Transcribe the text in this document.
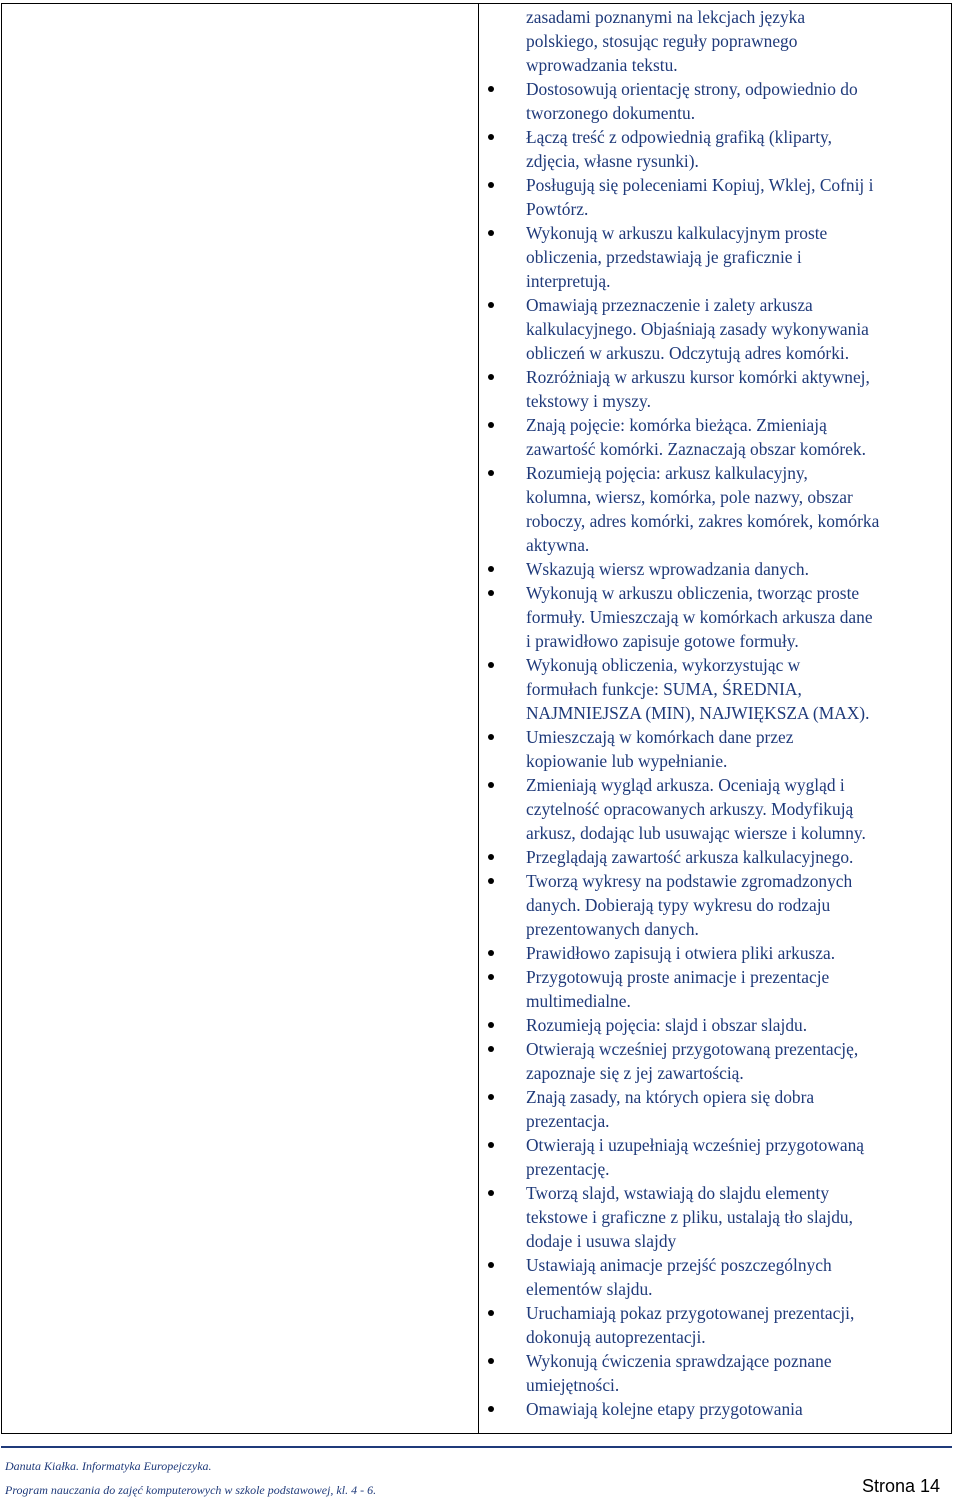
zasadami poznanymi na lekcjach języka
polskiego, stosując reguły poprawnego
wprowadzania tekstu.
Dostosowują orientację strony, odpowiednio do
tworzonego dokumentu.
Łączą treść z odpowiednią grafiką (kliparty,
zdjęcia, własne rysunki).
Posługują się poleceniami Kopiuj, Wklej, Cofnij i
Powtórz.
Wykonują w arkuszu kalkulacyjnym proste
obliczenia, przedstawiają je graficznie i
interpretują.
Omawiają przeznaczenie i zalety arkusza
kalkulacyjnego. Objaśniają zasady wykonywania
obliczeń w arkuszu. Odczytują adres komórki.
Rozróżniają w arkuszu kursor komórki aktywnej,
tekstowy i myszy.
Znają pojęcie: komórka bieżąca. Zmieniają
zawartość komórki. Zaznaczają obszar komórek.
Rozumieją pojęcia: arkusz kalkulacyjny,
kolumna, wiersz, komórka, pole nazwy, obszar
roboczy, adres komórki, zakres komórek, komórka
aktywna.
Wskazują wiersz wprowadzania danych.
Wykonują w arkuszu obliczenia, tworząc proste
formuły. Umieszczają w komórkach arkusza dane
i prawidłowo zapisuje gotowe formuły.
Wykonują obliczenia, wykorzystując w
formułach funkcje: SUMA, ŚREDNIA,
NAJMNIEJSZA (MIN), NAJWIĘKSZA (MAX).
Umieszczają w komórkach dane przez
kopiowanie lub wypełnianie.
Zmieniają wygląd arkusza. Oceniają wygląd i
czytelność opracowanych arkuszy. Modyfikują
arkusz, dodając lub usuwając wiersze i kolumny.
Przeglądają zawartość arkusza kalkulacyjnego.
Tworzą wykresy na podstawie zgromadzonych
danych. Dobierają typy wykresu do rodzaju
prezentowanych danych.
Prawidłowo zapisują i otwiera pliki arkusza.
Przygotowują proste animacje i prezentacje
multimedialne.
Rozumieją pojęcia: slajd i obszar slajdu.
Otwierają wcześniej przygotowaną prezentację,
zapoznaje się z jej zawartością.
Znają zasady, na których opiera się dobra
prezentacja.
Otwierają i uzupełniają wcześniej przygotowaną
prezentację.
Tworzą slajd, wstawiają do slajdu elementy
tekstowe i graficzne z pliku, ustalają tło slajdu,
dodaje i usuwa slajdy
Ustawiają animacje przejść poszczególnych
elementów slajdu.
Uruchamiają pokaz przygotowanej prezentacji,
dokonują autoprezentacji.
Wykonują ćwiczenia sprawdzające poznane
umiejętności.
Omawiają kolejne etapy przygotowania
Danuta Kiałka. Informatyka Europejczyka.
Program nauczania do zajęć komputerowych w szkole podstawowej, kl. 4 - 6.	Strona 14
